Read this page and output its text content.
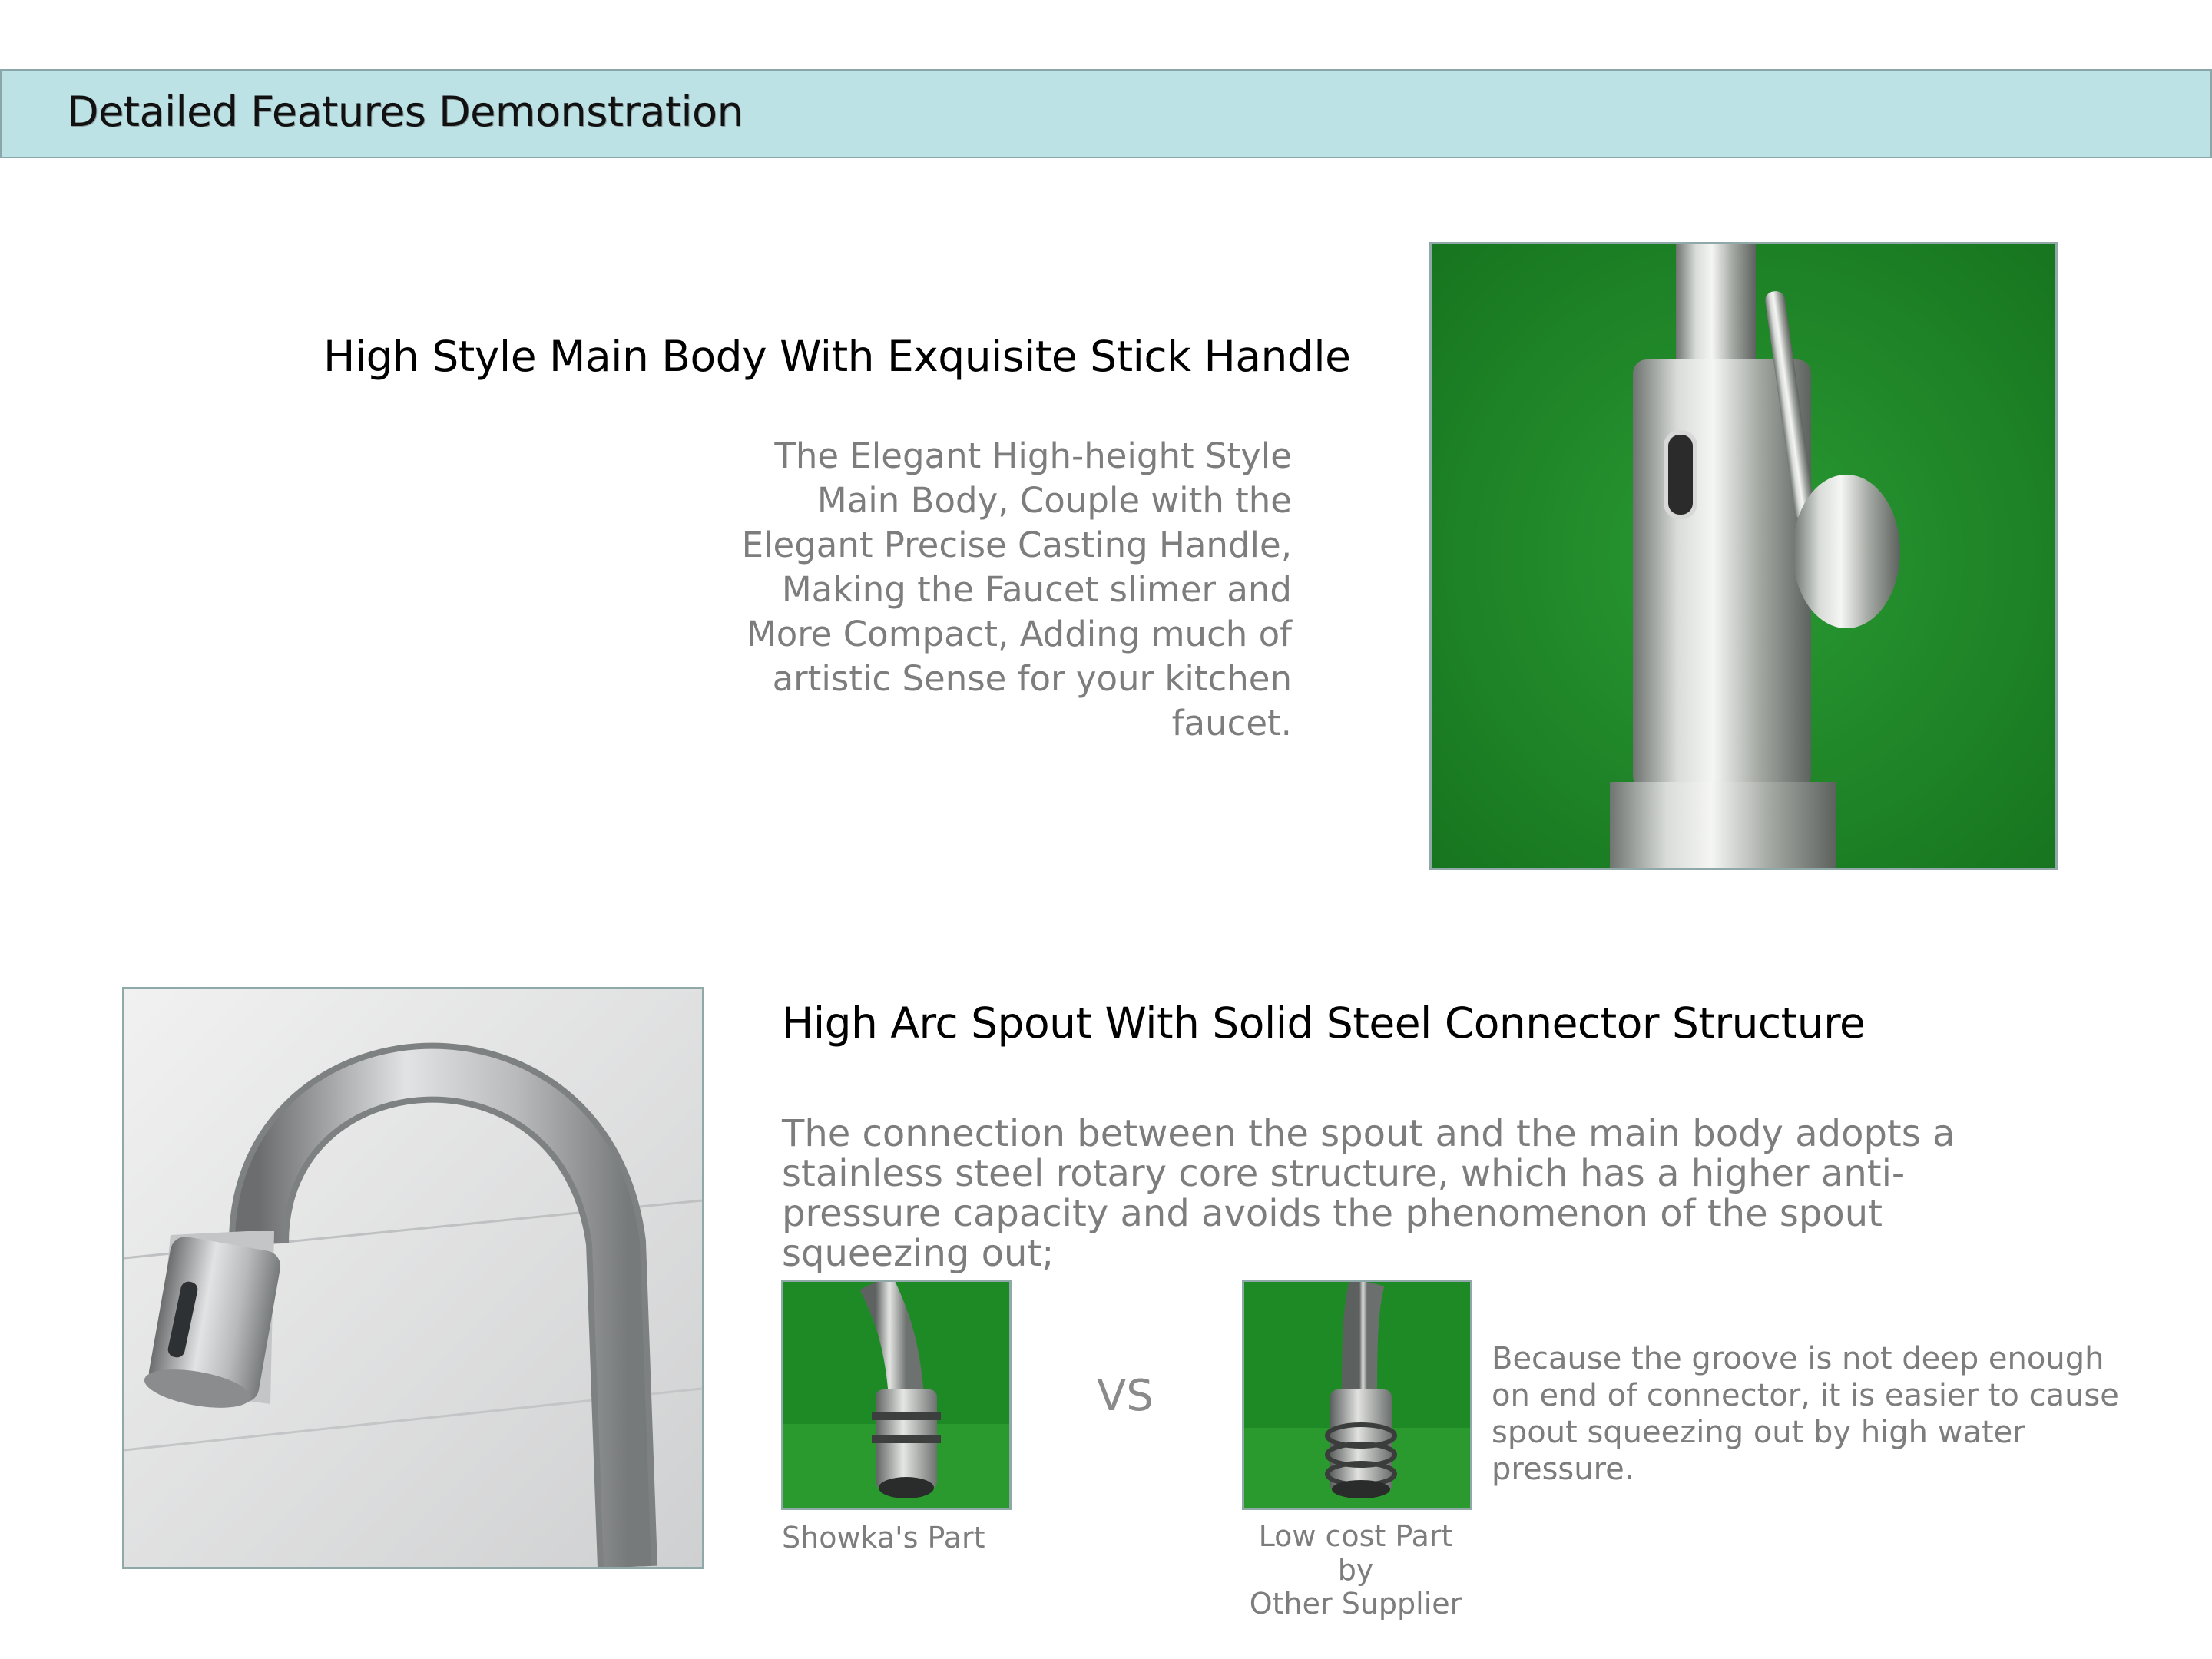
Detailed Features Demonstration
High Style Main Body With Exquisite Stick Handle
The Elegant High-height Style Main Body, Couple with the Elegant Precise Casting Handle, Making the Faucet slimer and More Compact, Adding much of artistic Sense for your kitchen faucet.
High Arc Spout With Solid Steel Connector Structure
The connection between the spout and the main body adopts a stainless steel rotary core structure, which has a higher anti-pressure capacity and avoids the phenomenon of the spout squeezing out;
VS
Showka's Part	Low cost Part by
Other Supplier
Because the groove is not deep enough on end of connector, it is easier to cause spout squeezing out by high water pressure.
